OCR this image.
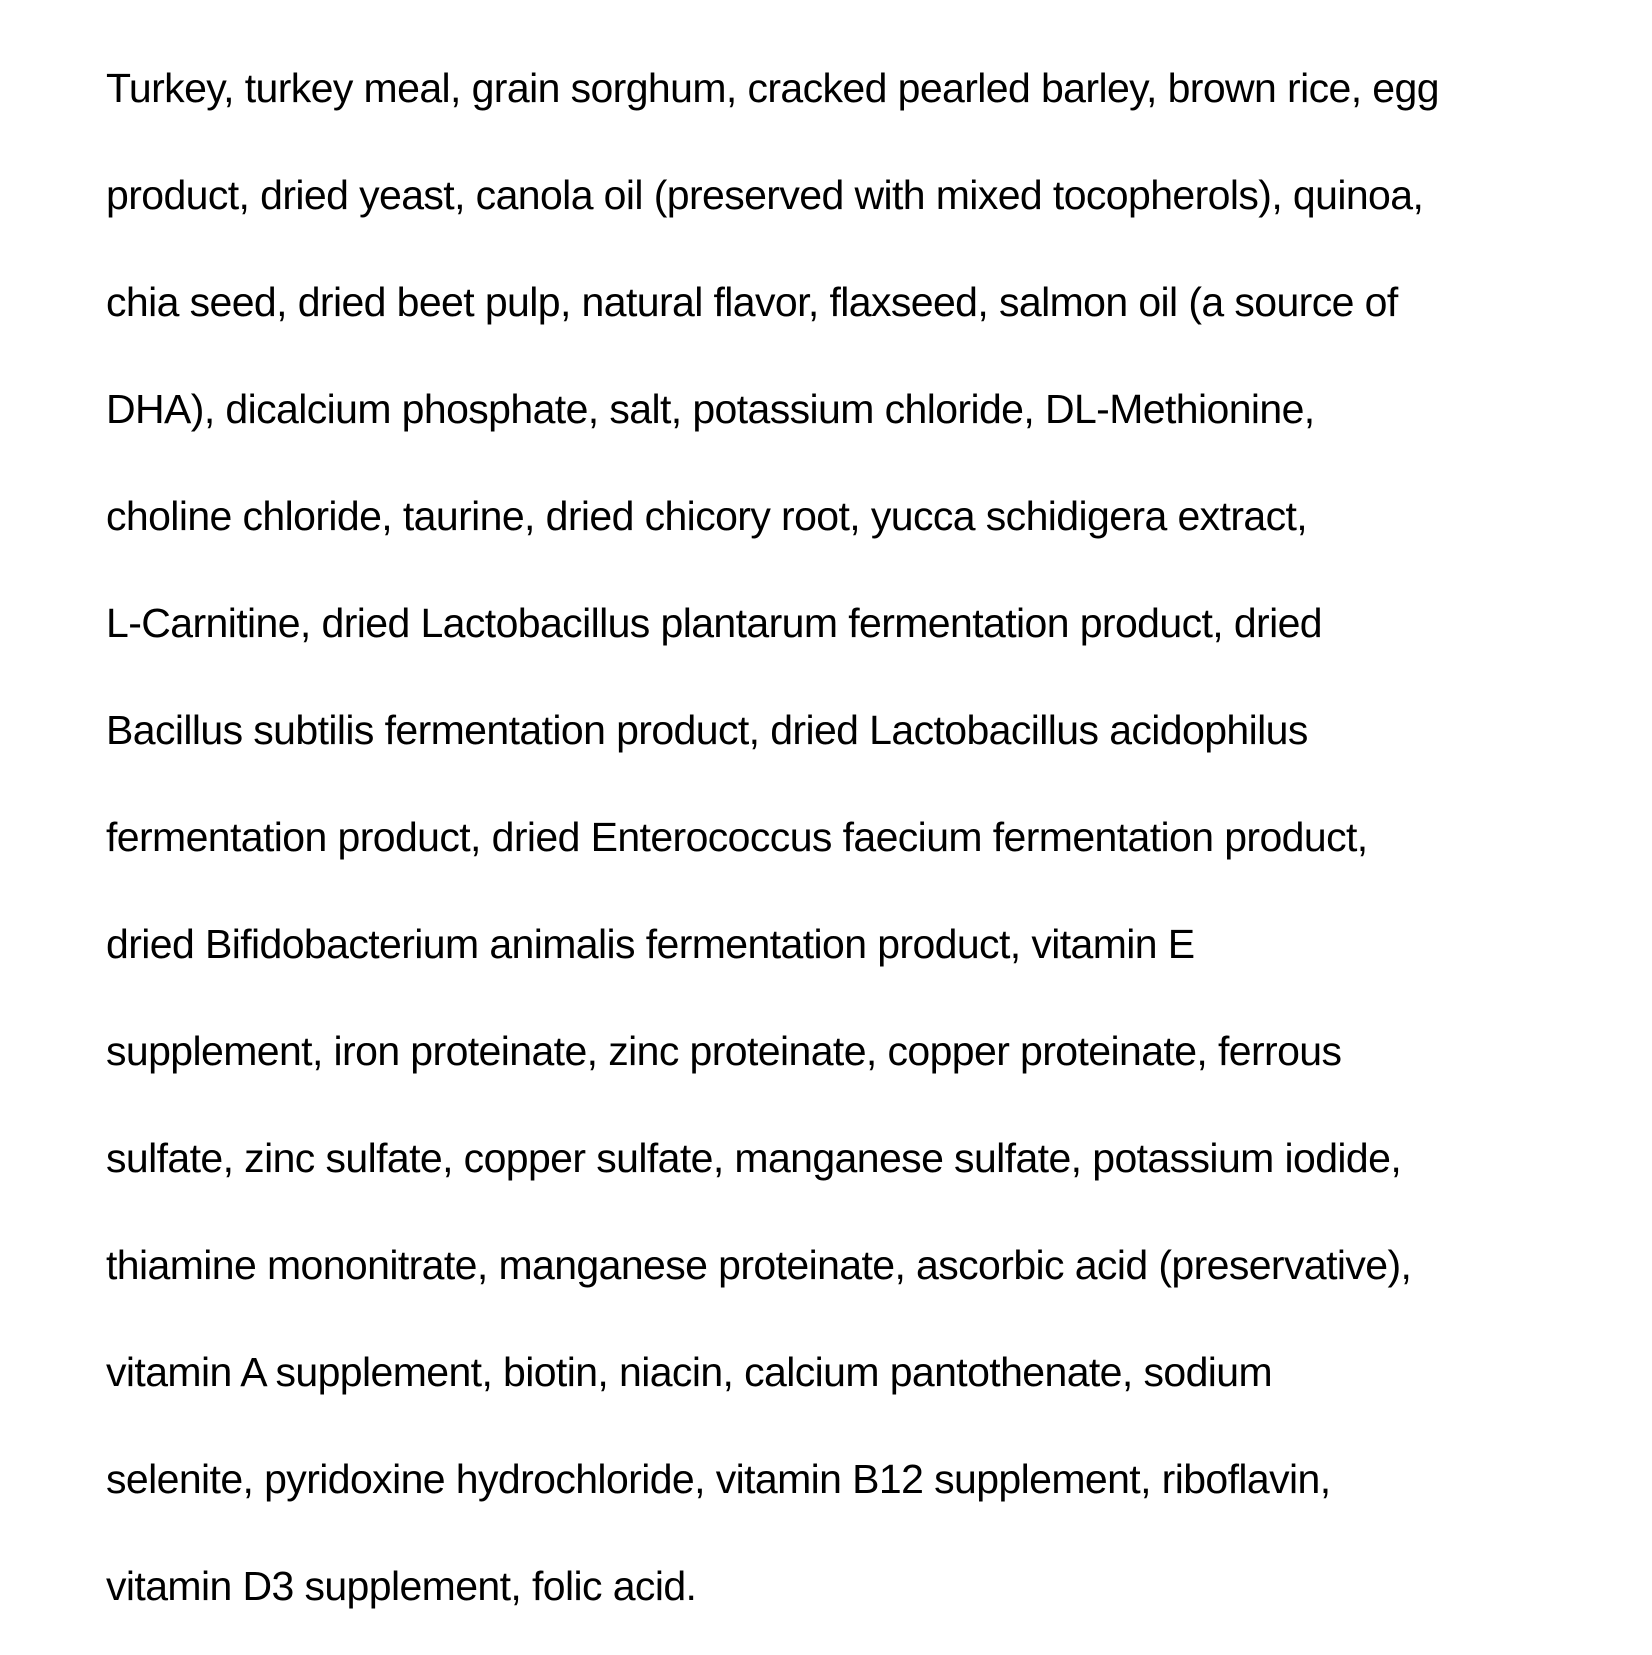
Turkey, turkey meal, grain sorghum, cracked pearled barley, brown rice, egg
product, dried yeast, canola oil (preserved with mixed tocopherols), quinoa,
chia seed, dried beet pulp, natural flavor, flaxseed, salmon oil (a source of
DHA), dicalcium phosphate, salt, potassium chloride, DL-Methionine,
choline chloride, taurine, dried chicory root, yucca schidigera extract,
L-Carnitine, dried Lactobacillus plantarum fermentation product, dried
Bacillus subtilis fermentation product, dried Lactobacillus acidophilus
fermentation product, dried Enterococcus faecium fermentation product,
dried Bifidobacterium animalis fermentation product, vitamin E
supplement, iron proteinate, zinc proteinate, copper proteinate, ferrous
sulfate, zinc sulfate, copper sulfate, manganese sulfate, potassium iodide,
thiamine mononitrate, manganese proteinate, ascorbic acid (preservative),
vitamin A supplement, biotin, niacin, calcium pantothenate, sodium
selenite, pyridoxine hydrochloride, vitamin B12 supplement, riboflavin,
vitamin D3 supplement, folic acid.
